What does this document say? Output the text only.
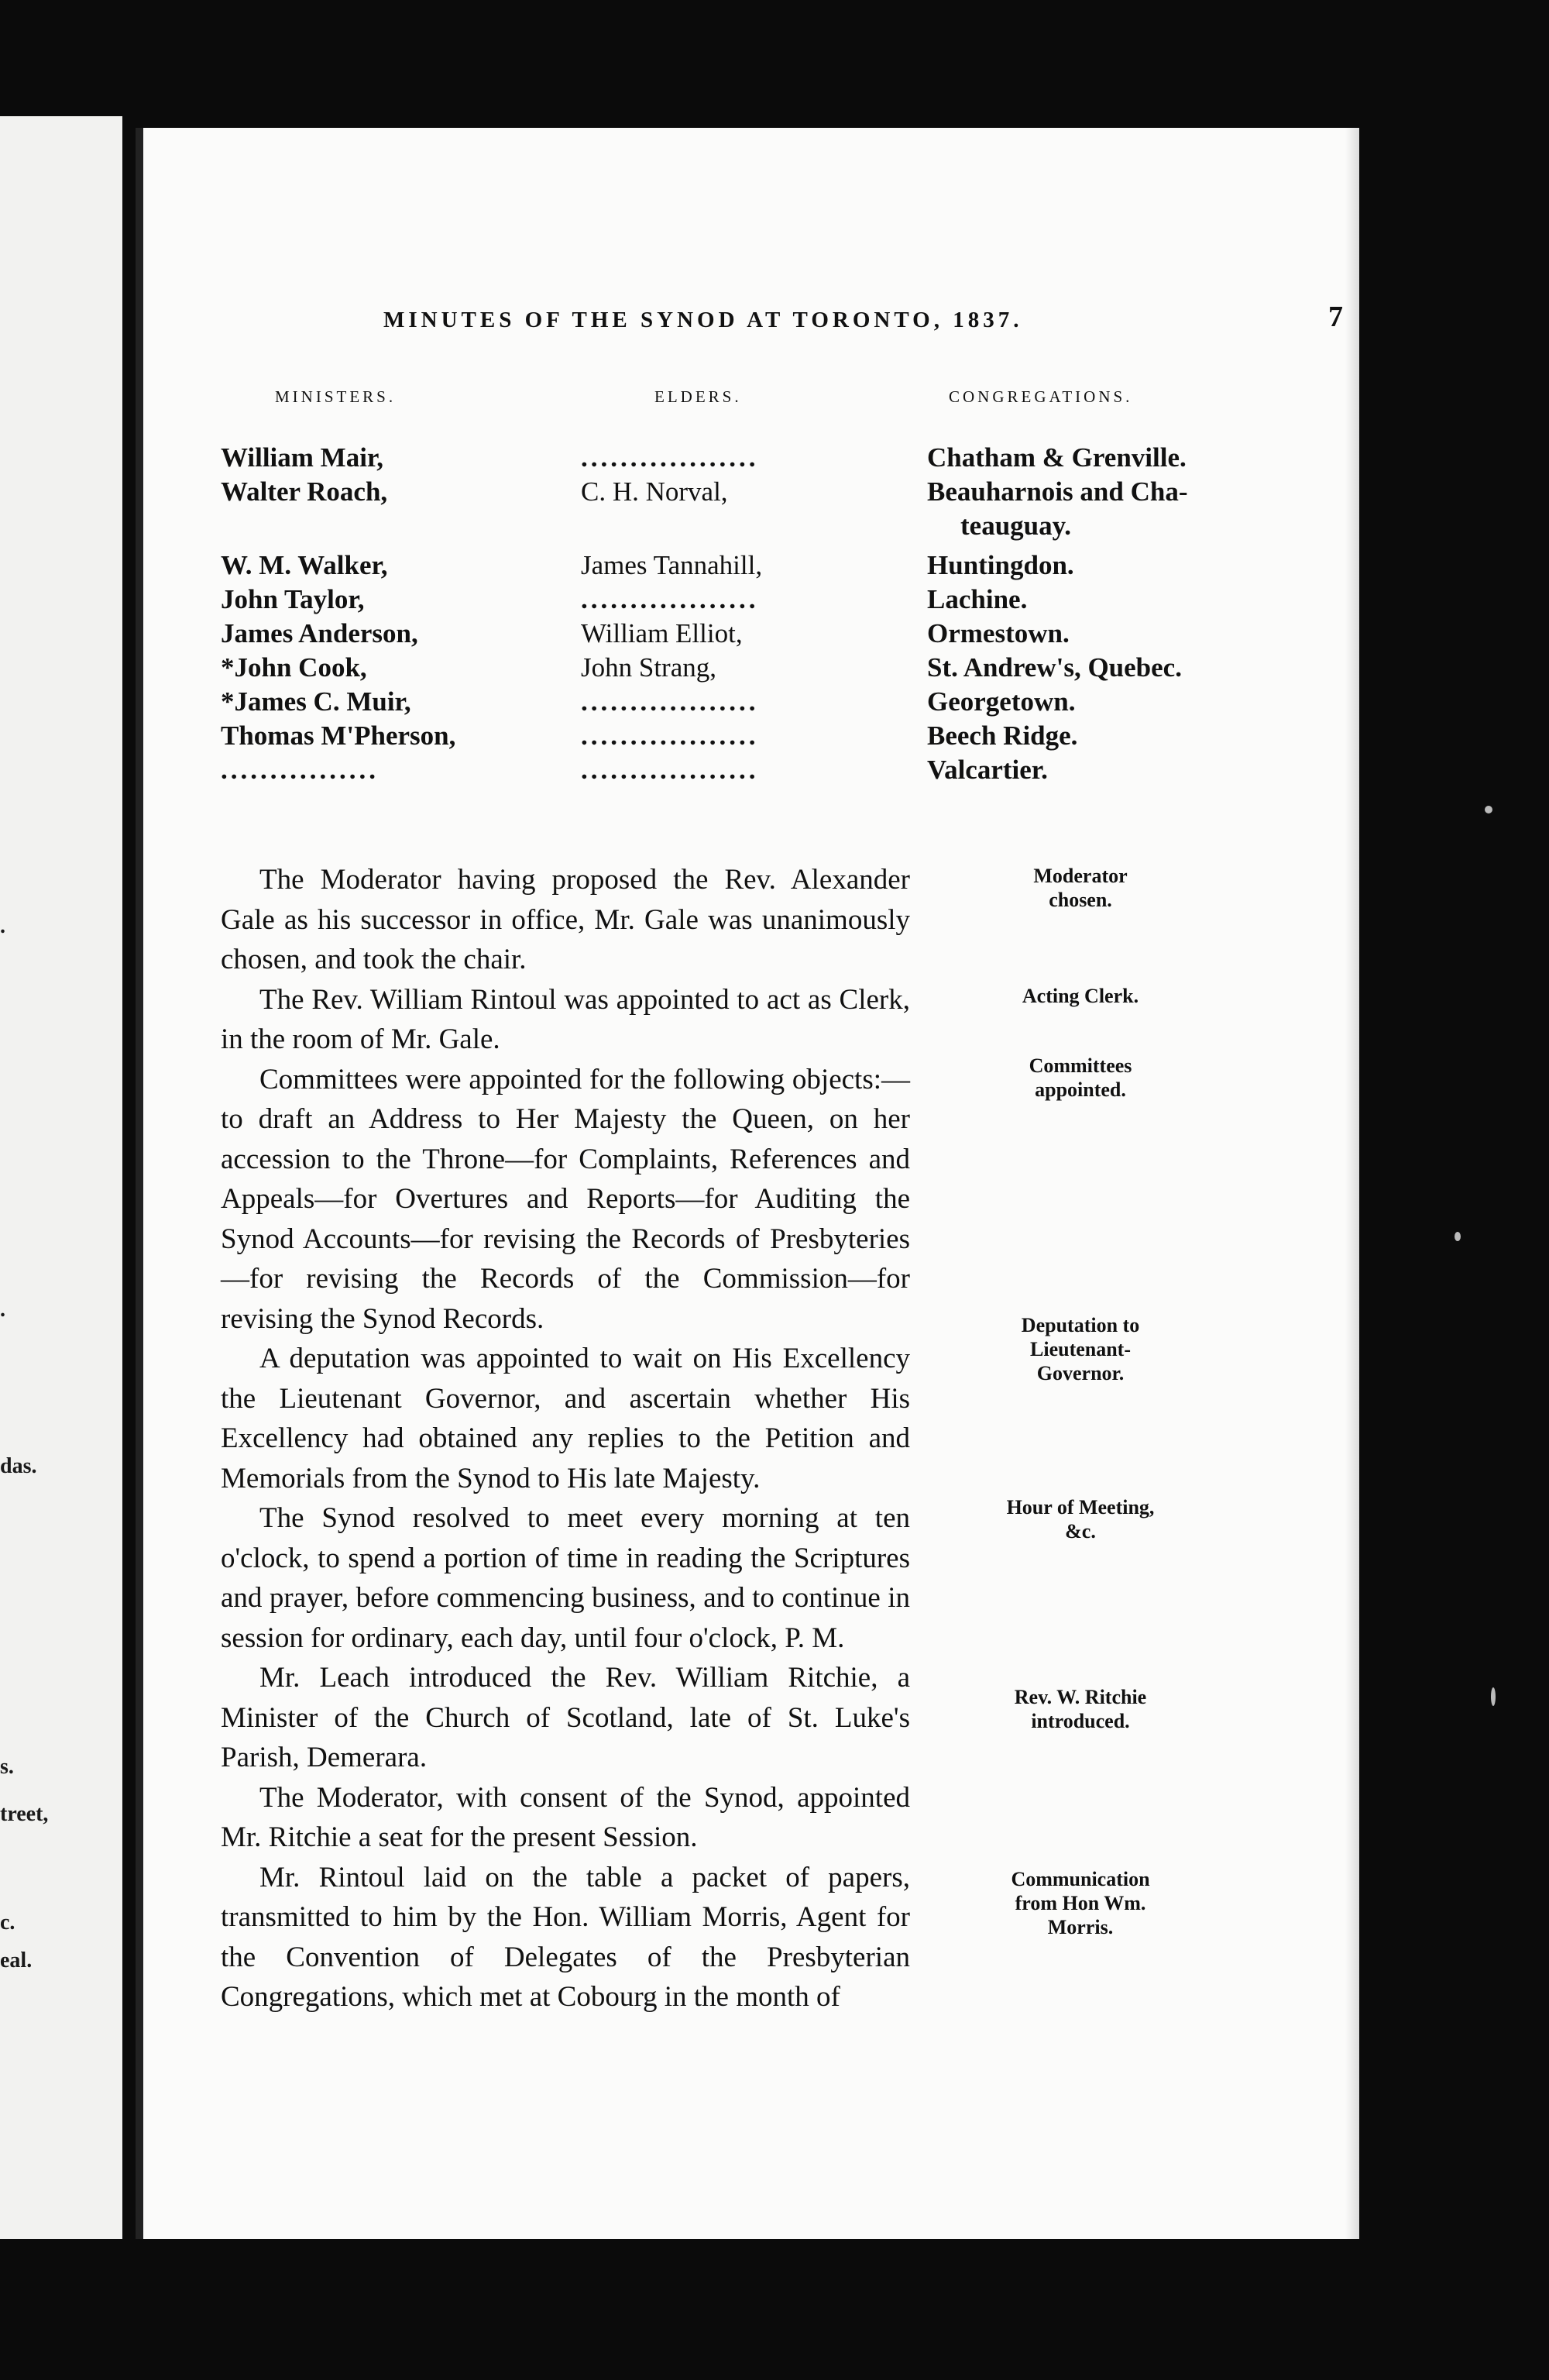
.
.
das.
s.
treet,
c.
eal.
MINUTES OF THE SYNOD AT TORONTO, 1837.	7
MINISTERS.	ELDERS.	CONGREGATIONS.
William Mair,	..................	Chatham & Grenville.
Walter Roach,	C. H. Norval,	Beauharnois and Cha-
teauguay.
W. M. Walker,	James Tannahill,	Huntingdon.
John Taylor,	..................	Lachine.
James Anderson,	William Elliot,	Ormestown.
*John Cook,	John Strang,	St. Andrew's, Quebec.
*James C. Muir,	..................	Georgetown.
Thomas M'Pherson,	..................	Beech Ridge.
................	..................	Valcartier.

The Moderator having proposed the Rev. Alexander Gale as his successor in office, Mr. Gale was unanimously chosen, and took the chair.

The Rev. William Rintoul was appointed to act as Clerk, in the room of Mr. Gale.

Committees were appointed for the following objects:—to draft an Address to Her Majesty the Queen, on her accession to the Throne—for Complaints, References and Appeals—for Overtures and Reports—for Auditing the Synod Accounts—for revising the Records of Presbyteries—for revising the Records of the Commission—for revising the Synod Records.

A deputation was appointed to wait on His Excellency the Lieutenant Governor, and ascertain whether His Excellency had obtained any replies to the Petition and Memorials from the Synod to His late Majesty.

The Synod resolved to meet every morning at ten o'clock, to spend a portion of time in reading the Scriptures and prayer, before commencing business, and to continue in session for ordinary, each day, until four o'clock, P. M.

Mr. Leach introduced the Rev. William Ritchie, a Minister of the Church of Scotland, late of St. Luke's Parish, Demerara.

The Moderator, with consent of the Synod, appointed Mr. Ritchie a seat for the present Session.

Mr. Rintoul laid on the table a packet of papers, transmitted to him by the Hon. William Morris, Agent for the Convention of Delegates of the Presbyterian Congregations, which met at Cobourg in the month of

Moderator chosen.
Acting Clerk.
Committees appointed.
Deputation to Lieutenant-Governor.
Hour of Meeting, &c.
Rev. W. Ritchie introduced.
Communication from Hon Wm. Morris.
